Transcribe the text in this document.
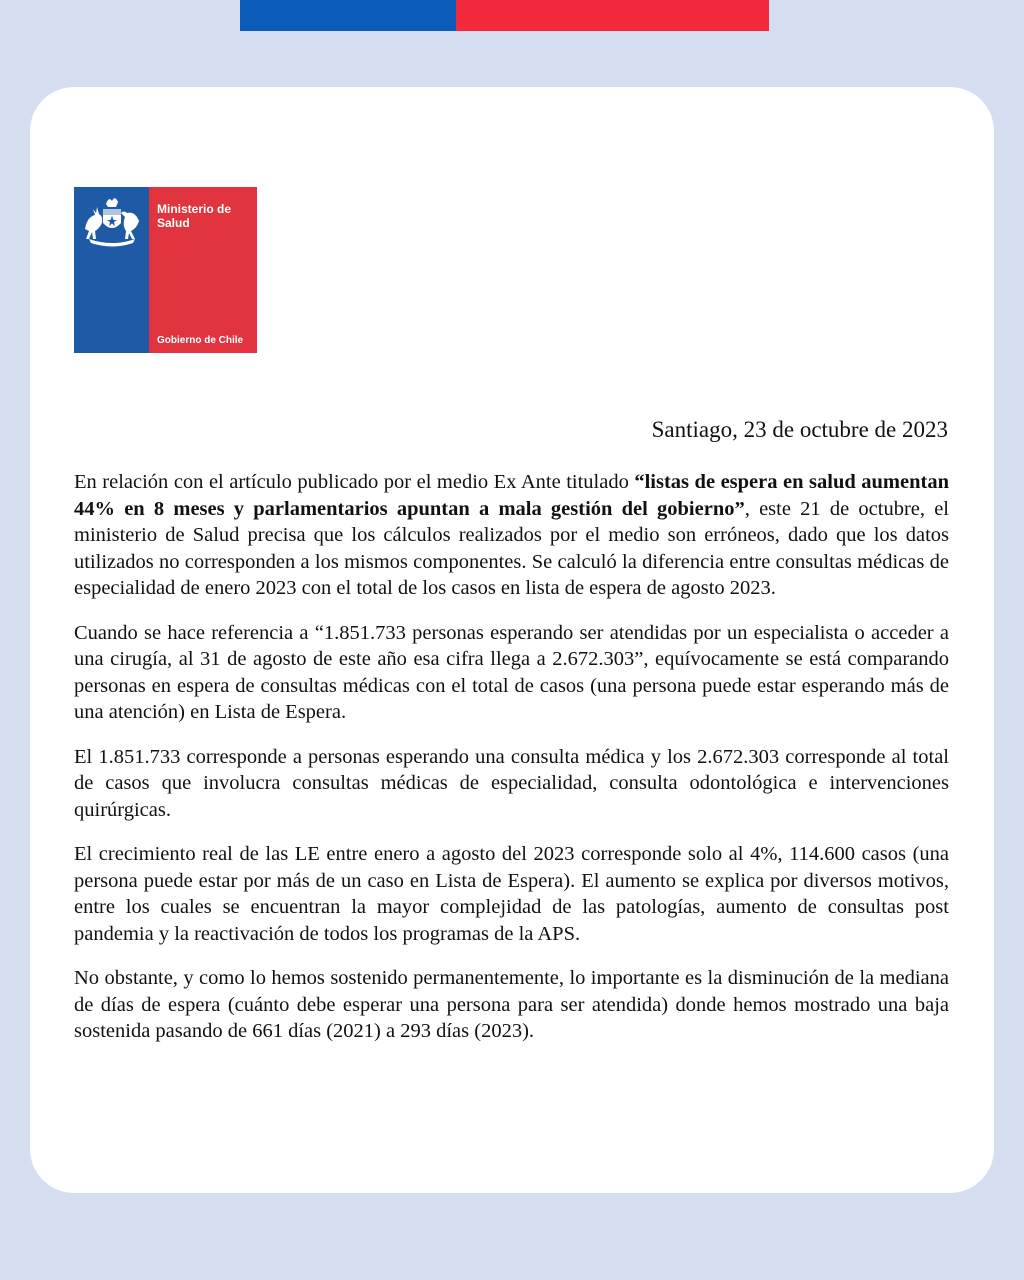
Ministerio de Salud
Gobierno de Chile
Santiago, 23 de octubre de 2023

En relación con el artículo publicado por el medio Ex Ante titulado “listas de espera en salud aumentan 44% en 8 meses y parlamentarios apuntan a mala gestión del gobierno”, este 21 de octubre, el ministerio de Salud precisa que los cálculos realizados por el medio son erróneos, dado que los datos utilizados no corresponden a los mismos componentes. Se calculó la diferencia entre consultas médicas de especialidad de enero 2023 con el total de los casos en lista de espera de agosto 2023.

Cuando se hace referencia a “1.851.733 personas esperando ser atendidas por un especialista o acceder a una cirugía, al 31 de agosto de este año esa cifra llega a 2.672.303”, equívocamente se está comparando personas en espera de consultas médicas con el total de casos (una persona puede estar esperando más de una atención) en Lista de Espera.

El 1.851.733 corresponde a personas esperando una consulta médica y los 2.672.303 corresponde al total de casos que involucra consultas médicas de especialidad, consulta odontológica e intervenciones quirúrgicas.

El crecimiento real de las LE entre enero a agosto del 2023 corresponde solo al 4%, 114.600 casos (una persona puede estar por más de un caso en Lista de Espera). El aumento se explica por diversos motivos, entre los cuales se encuentran la mayor complejidad de las patologías, aumento de consultas post pandemia y la reactivación de todos los programas de la APS.

No obstante, y como lo hemos sostenido permanentemente, lo importante es la disminución de la mediana de días de espera (cuánto debe esperar una persona para ser atendida) donde hemos mostrado una baja sostenida pasando de 661 días (2021) a 293 días (2023).
